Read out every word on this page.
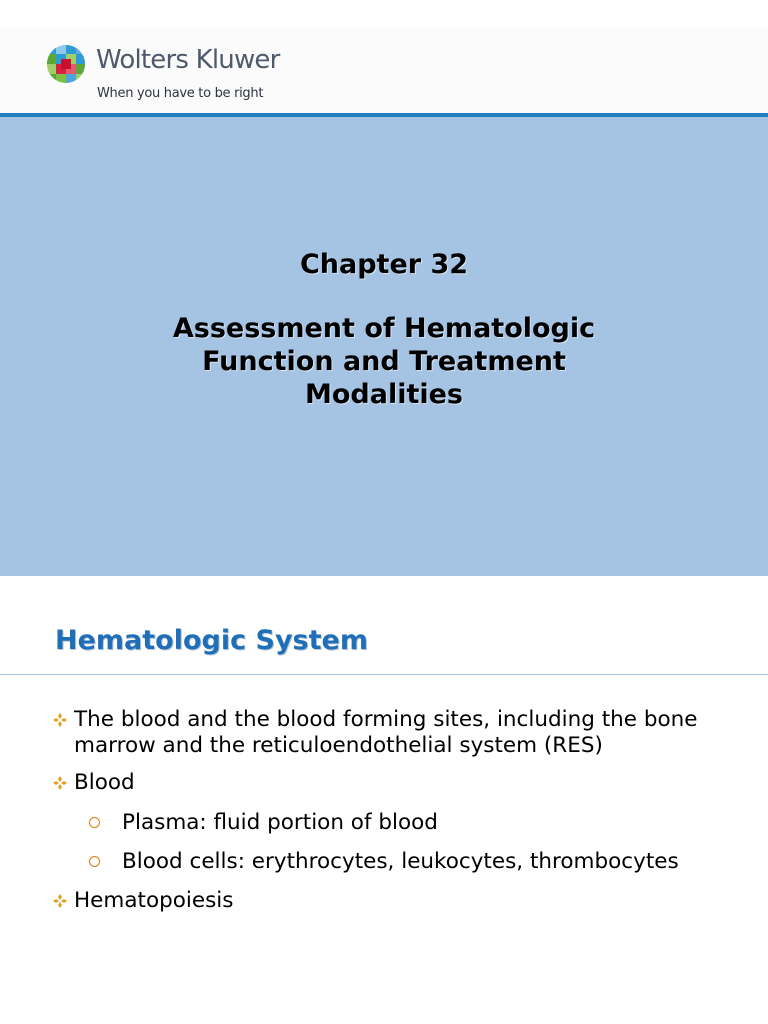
Wolters Kluwer
When you have to be right
Chapter 32
Assessment of Hematologic
Function and Treatment
Modalities
Hematologic System
The blood and the blood forming sites, including the bone marrow and the reticuloendothelial system (RES)
Blood
Plasma: fluid portion of blood
Blood cells: erythrocytes, leukocytes, thrombocytes
Hematopoiesis
